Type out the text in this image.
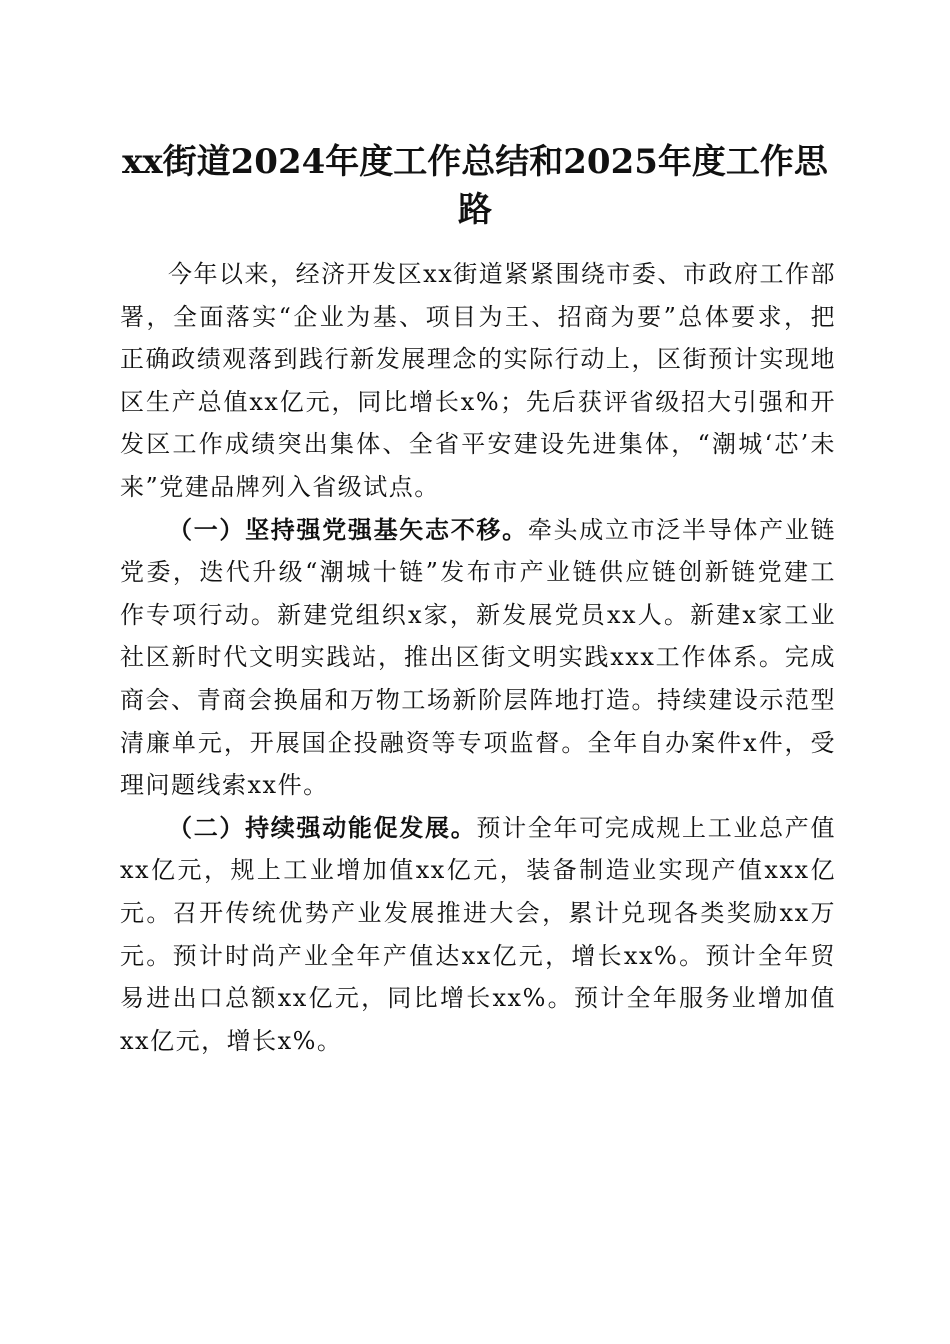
xx街道2024年度工作总结和2025年度工作思路

今年以来，经济开发区xx街道紧紧围绕市委、市政府工作部署，全面落实“企业为基、项目为王、招商为要”总体要求，把正确政绩观落到践行新发展理念的实际行动上，区街预计实现地区生产总值xx亿元，同比增长x%；先后获评省级招大引强和开发区工作成绩突出集体、全省平安建设先进集体，“潮城‘芯’未来”党建品牌列入省级试点。

（一）坚持强党强基矢志不移。牵头成立市泛半导体产业链党委，迭代升级“潮城十链”发布市产业链供应链创新链党建工作专项行动。新建党组织x家，新发展党员xx人。新建x家工业社区新时代文明实践站，推出区街文明实践xxx工作体系。完成商会、青商会换届和万物工场新阶层阵地打造。持续建设示范型清廉单元，开展国企投融资等专项监督。全年自办案件x件，受理问题线索xx件。

（二）持续强动能促发展。预计全年可完成规上工业总产值xx亿元，规上工业增加值xx亿元，装备制造业实现产值xxx亿元。召开传统优势产业发展推进大会，累计兑现各类奖励xx万元。预计时尚产业全年产值达xx亿元，增长xx%。预计全年贸易进出口总额xx亿元，同比增长xx%。预计全年服务业增加值xx亿元，增长x%。
